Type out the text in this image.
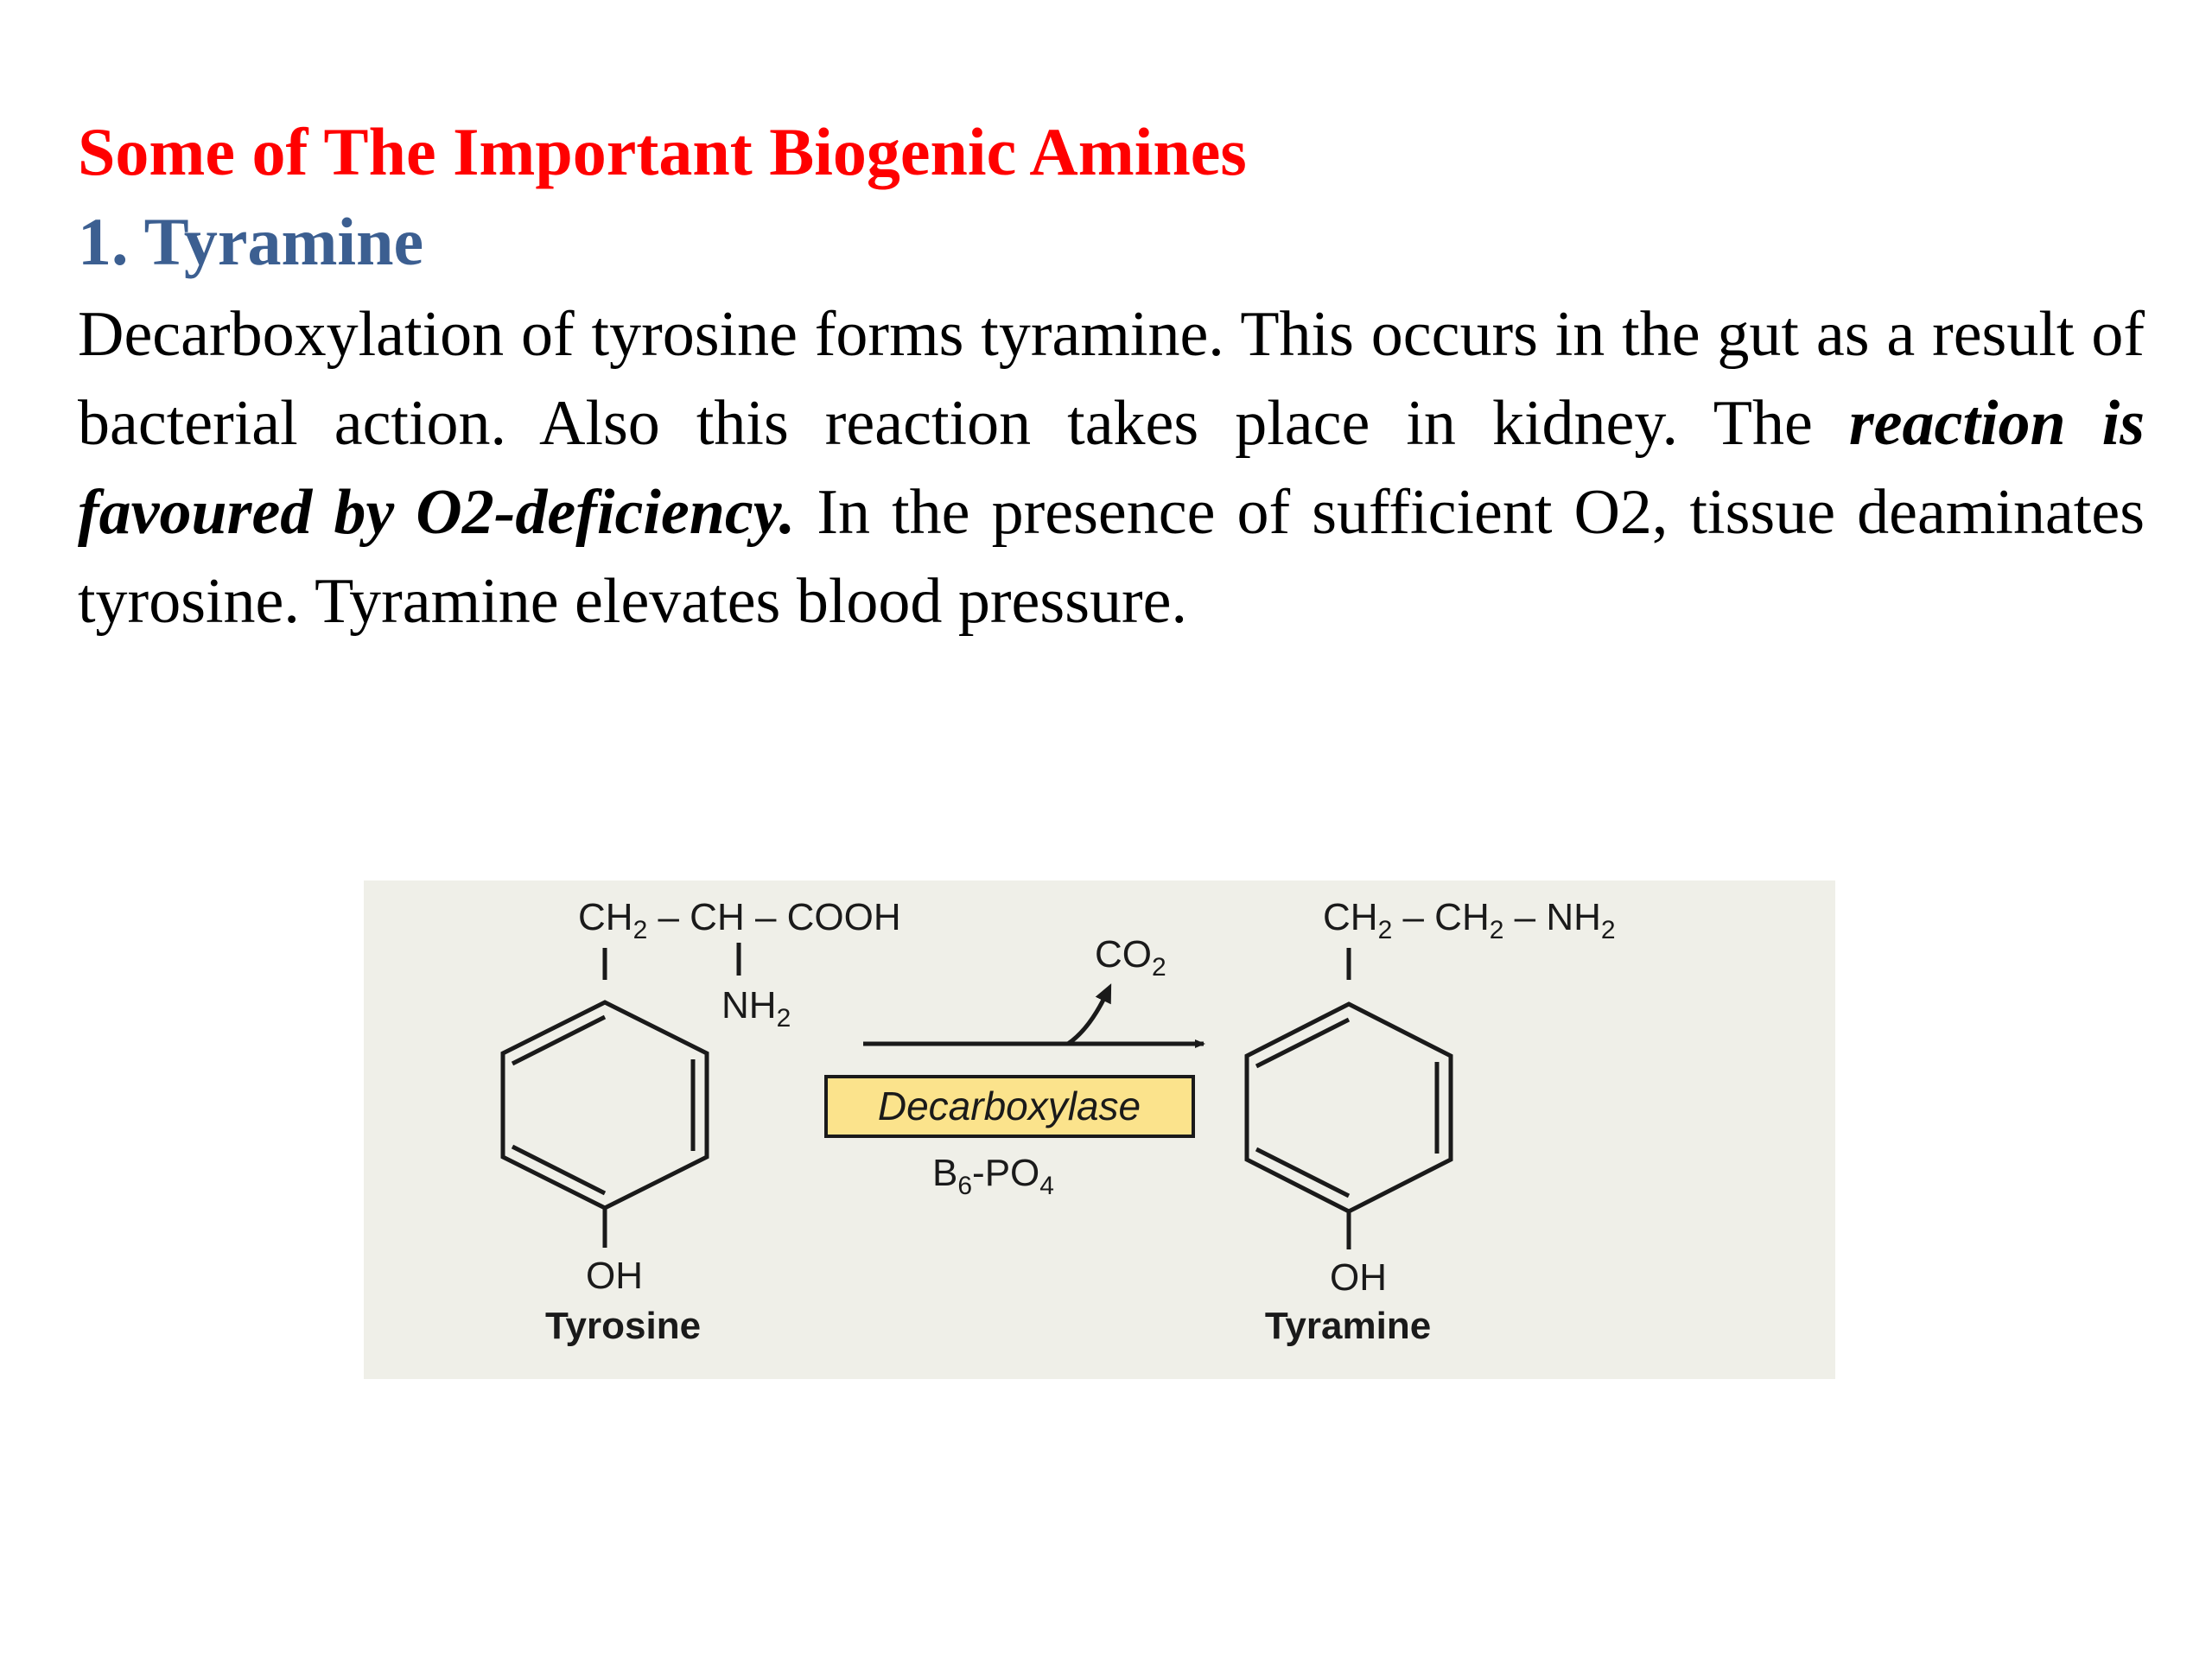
Some of The Important Biogenic Amines
1. Tyramine

Decarboxylation of tyrosine forms tyramine. This occurs in the gut as a result of bacterial action. Also this reaction takes place in kidney. The reaction is favoured by O2-deficiency. In the presence of sufficient O2, tissue deaminates tyrosine. Tyramine elevates blood pressure.

$CH_2$ – CH – COOH
$NH_2$
OH
Tyrosine
$CO_2$
Decarboxylase
$B_6-PO_4$
$CH_2 - CH_2 - NH_2$
OH
Tyramine
